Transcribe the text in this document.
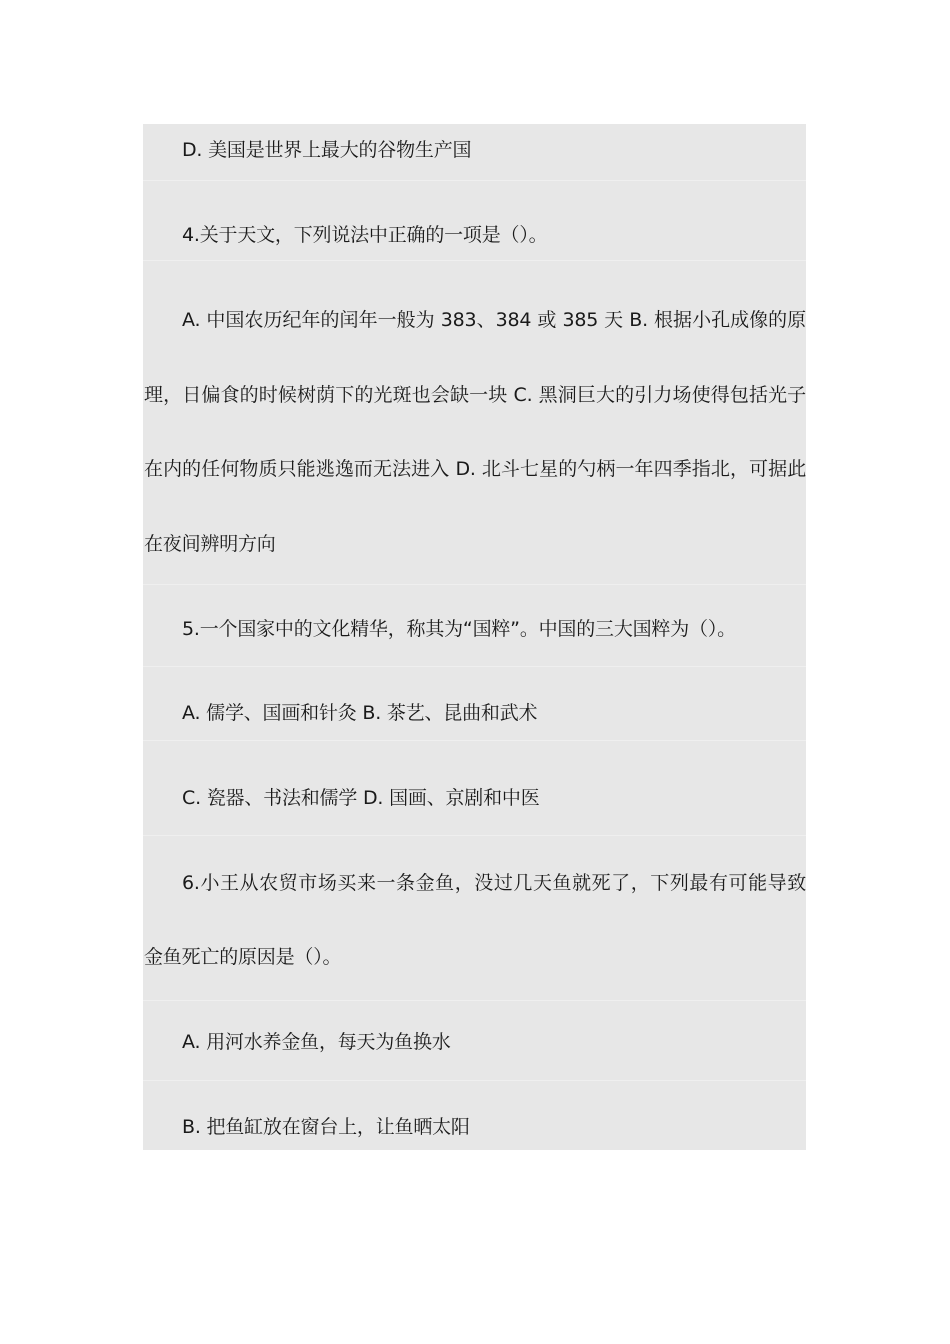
D. 美国是世界上最大的谷物生产国
4.关于天文，下列说法中正确的一项是（）。
A. 中国农历纪年的闰年一般为 383、384 或 385 天 B. 根据小孔成像的原
理，日偏食的时候树荫下的光斑也会缺一块 C. 黑洞巨大的引力场使得包括光子
在内的任何物质只能逃逸而无法进入 D. 北斗七星的勺柄一年四季指北，可据此
在夜间辨明方向
5.一个国家中的文化精华，称其为“国粹”。中国的三大国粹为（）。
A. 儒学、国画和针灸 B. 茶艺、昆曲和武术
C. 瓷器、书法和儒学 D. 国画、京剧和中医
6.小王从农贸市场买来一条金鱼，没过几天鱼就死了，下列最有可能导致
金鱼死亡的原因是（）。
A. 用河水养金鱼，每天为鱼换水
B. 把鱼缸放在窗台上，让鱼晒太阳
